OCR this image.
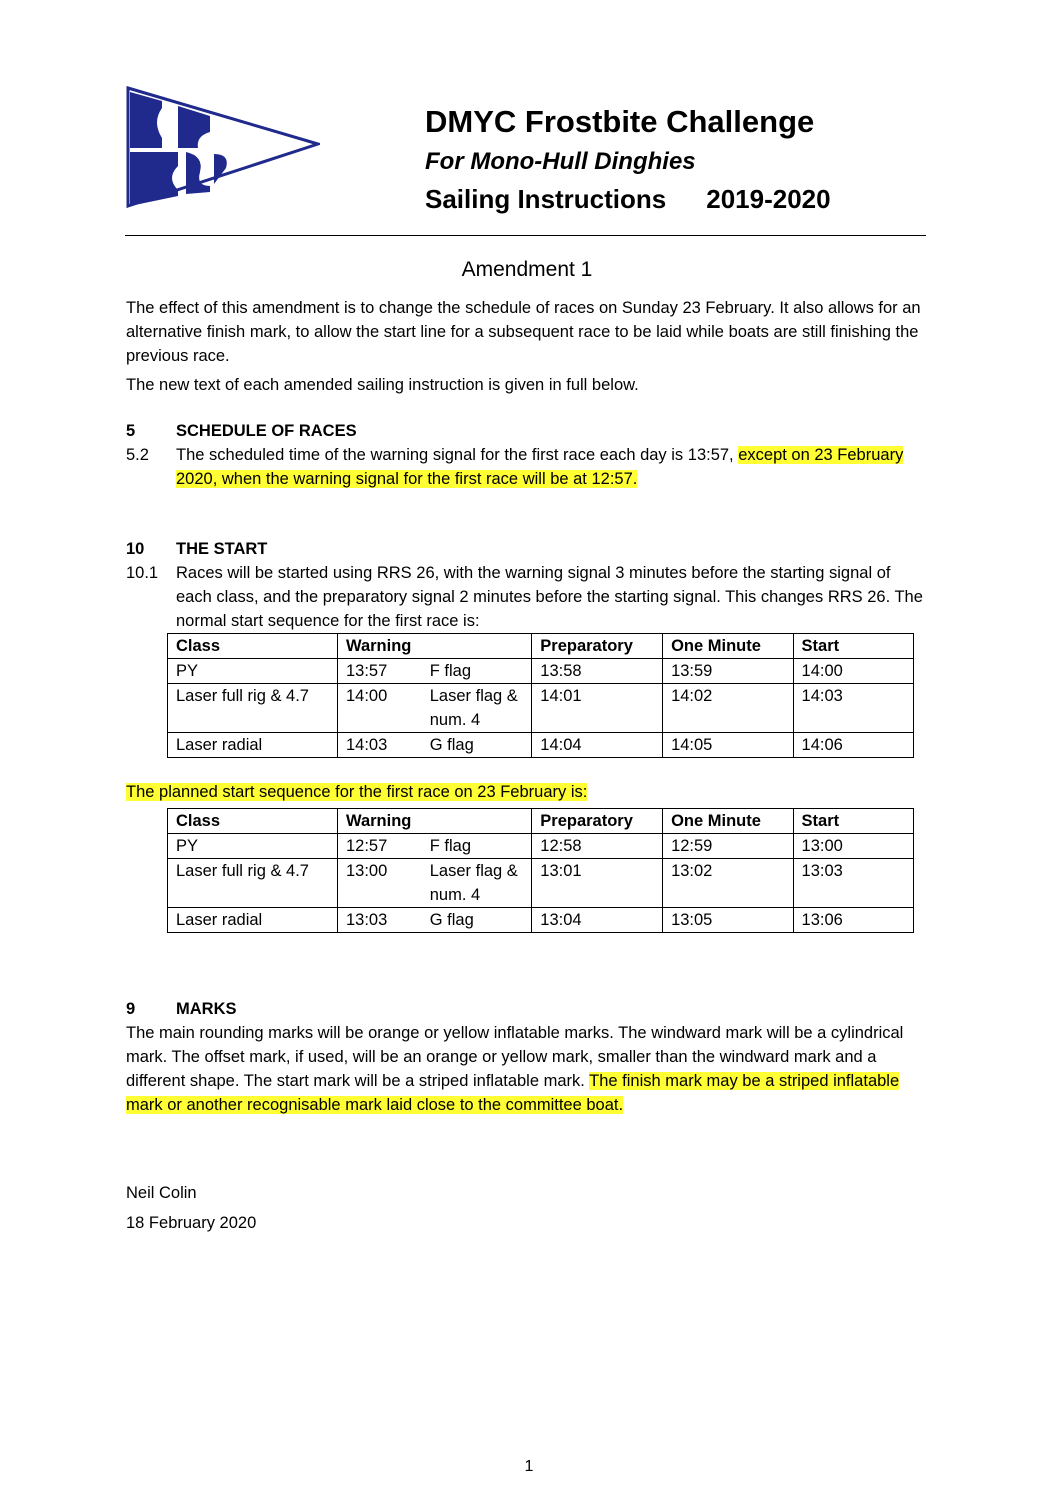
DMYC Frostbite Challenge
For Mono-Hull Dinghies
Sailing Instructions 2019-2020
Amendment 1

The effect of this amendment is to change the schedule of races on Sunday 23 February. It also allows for an alternative finish mark, to allow the start line for a subsequent race to be laid while boats are still finishing the previous race.

The new text of each amended sailing instruction is given in full below.

5	SCHEDULE OF RACES
5.2	The scheduled time of the warning signal for the first race each day is 13:57, except on 23 February 2020, when the warning signal for the first race will be at 12:57.
10	THE START
10.1	Races will be started using RRS 26, with the warning signal 3 minutes before the starting signal of each class, and the preparatory signal 2 minutes before the starting signal. This changes RRS 26. The normal start sequence for the first race is:
Class	Warning		Preparatory	One Minute	Start
PY	13:57	F flag	13:58	13:59	14:00
Laser full rig & 4.7	14:00	Laser flag & num. 4	14:01	14:02	14:03
Laser radial	14:03	G flag	14:04	14:05	14:06

The planned start sequence for the first race on 23 February is:

Class	Warning		Preparatory	One Minute	Start
PY	12:57	F flag	12:58	12:59	13:00
Laser full rig & 4.7	13:00	Laser flag & num. 4	13:01	13:02	13:03
Laser radial	13:03	G flag	13:04	13:05	13:06
9	MARKS

The main rounding marks will be orange or yellow inflatable marks. The windward mark will be a cylindrical mark. The offset mark, if used, will be an orange or yellow mark, smaller than the windward mark and a different shape. The start mark will be a striped inflatable mark. The finish mark may be a striped inflatable mark or another recognisable mark laid close to the committee boat.

Neil Colin
18 February 2020
1
